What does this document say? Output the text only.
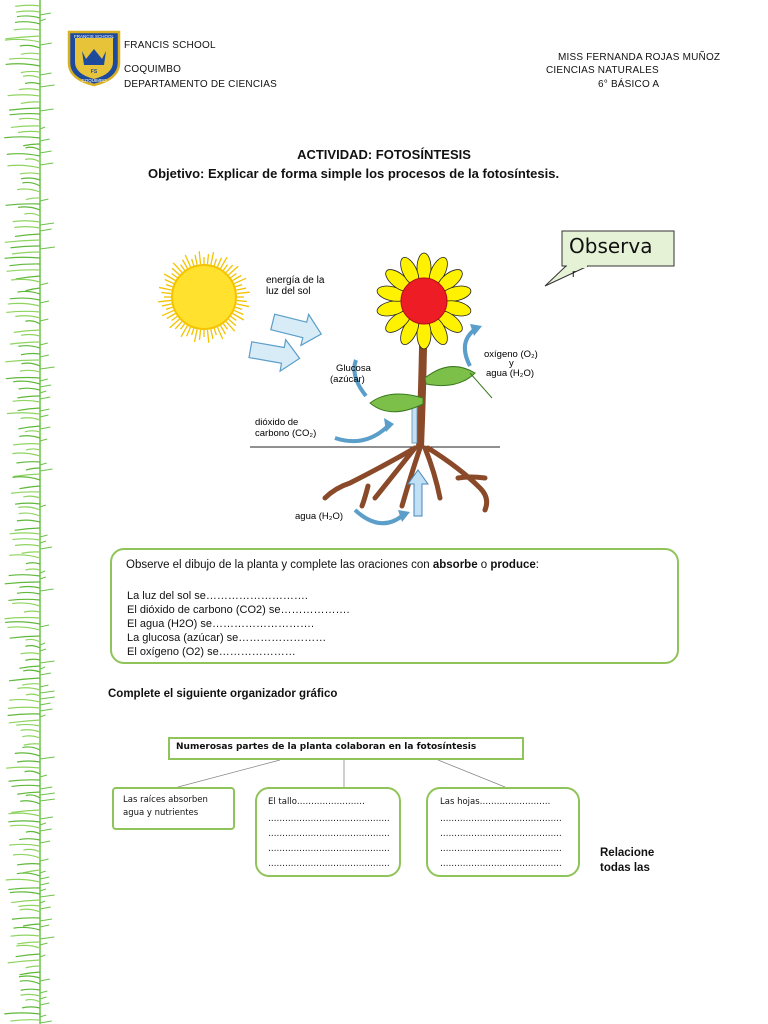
FRANCIS SCHOOL
FS
COQUIMBO
FRANCIS SCHOOL
COQUIMBO
DEPARTAMENTO DE CIENCIAS
MISS FERNANDA ROJAS MUÑOZ
CIENCIAS NATURALES
6° BÁSICO A
ACTIVIDAD: FOTOSÍNTESIS
Objetivo: Explicar de forma simple los procesos de la fotosíntesis.
Observa
r
energía de la
luz del sol
Glucosa
(azúcar)
oxígeno (O₂)
y
agua (H₂O)
dióxido de
carbono (CO₂)
agua (H₂O)
Observe el dibujo de la planta y complete las oraciones con absorbe o produce:
La luz del sol se……………………….
El dióxido de carbono (CO2) se……………….
El agua (H2O) se……………………….
La glucosa (azúcar) se……………………
El oxígeno (O2) se…………………
Complete el siguiente organizador gráfico
Numerosas partes de la planta colaboran en la fotosíntesis
Las raíces absorben
agua y nutrientes
El tallo……………………
…………………………………….
…………………………………….
…………………………………….
…………………………………….
Las hojas…………………….
…………………………………….
…………………………………….
…………………………………….
…………………………………….
Relacione
todas las
